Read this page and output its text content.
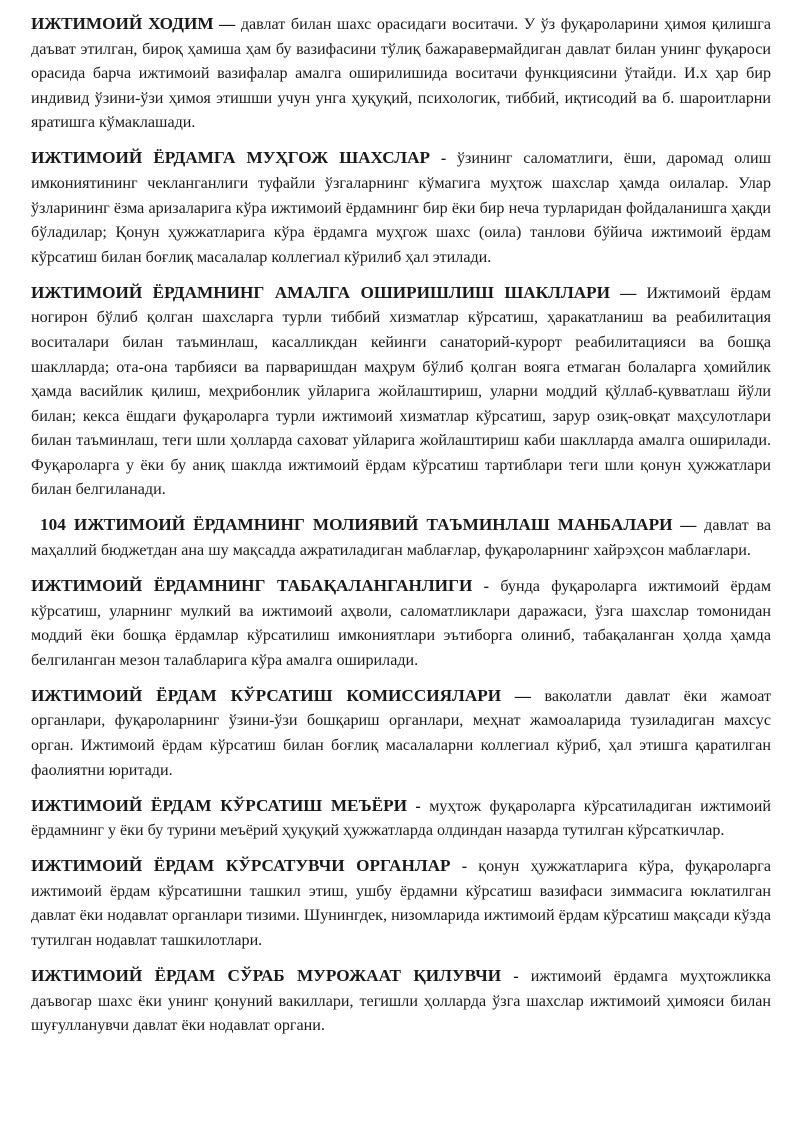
ИЖТИМОИЙ ХОДИМ — давлат билан шахс орасидаги воситачи. У ўз фуқароларини ҳимоя қилишга даъват этилган, бироқ ҳамиша ҳам бу вазифасини тўлиқ бажаравермайдиган давлат билан унинг фуқароси орасида барча ижтимоий вазифалар амалга оширилишида воситачи функциясини ўтайди. И.х ҳар бир индивид ўзини-ўзи ҳимоя этишши учун унга ҳуқуқий, психологик, тиббий, иқтисодий ва б. шароитларни яратишга кўмаклашади.

ИЖТИМОИЙ ЁРДАМГА МУҲГОЖ ШАХСЛАР - ўзининг саломатлиги, ёши, даромад олиш имкониятининг чекланганлиги туфайли ўзгаларнинг кўмагига муҳтож шахслар ҳамда оилалар. Улар ўзларининг ёзма аризаларига кўра ижтимоий ёрдамнинг бир ёки бир неча турларидан фойдаланишга ҳақди бўладилар; Қонун ҳужжатларига кўра ёрдамга муҳгож шахс (оила) танлови бўйича ижтимоий ёрдам кўрсатиш билан боғлиқ масалалар коллегиал кўрилиб ҳал этилади.

ИЖТИМОИЙ ЁРДАМНИНГ АМАЛГА ОШИРИШЛИШ ШАКЛЛАРИ — Ижтимоий ёрдам ногирон бўлиб қолган шахсларга турли тиббий хизматлар кўрсатиш, ҳаракатланиш ва реабилитация воситалари билан таъминлаш, касалликдан кейинги санаторий-курорт реабилитацияси ва бошқа шаклларда; ота-она тарбияси ва парваришдан маҳрум бўлиб қолган вояга етмаган болаларга ҳомийлик ҳамда васийлик қилиш, меҳрибонлик уйларига жойлаштириш, уларни моддий қўллаб-қувватлаш йўли билан; кекса ёшдаги фуқароларга турли ижтимоий хизматлар кўрсатиш, зарур озиқ-овқат маҳсулотлари билан таъминлаш, теги шли ҳолларда саховат уйларига жойлаштириш каби шаклларда амалга оширилади. Фуқароларга у ёки бу аниқ шаклда ижтимоий ёрдам кўрсатиш тартиблари теги шли қонун ҳужжатлари билан белгиланади.

104 ИЖТИМОИЙ ЁРДАМНИНГ МОЛИЯВИЙ ТАЪМИНЛАШ МАНБАЛАРИ — давлат ва маҳаллий бюджетдан ана шу мақсадда ажратиладиган маблағлар, фуқароларнинг хайрэҳсон маблағлари.

ИЖТИМОИЙ ЁРДАМНИНГ ТАБАҚАЛАНГАНЛИГИ - бунда фуқароларга ижтимоий ёрдам кўрсатиш, уларнинг мулкий ва ижтимоий аҳволи, саломатликлари даражаси, ўзга шахслар томонидан моддий ёки бошқа ёрдамлар кўрсатилиш имкониятлари эътиборга олиниб, табақаланган ҳолда ҳамда белгиланган мезон талабларига кўра амалга оширилади.

ИЖТИМОИЙ ЁРДАМ КЎРСАТИШ КОМИССИЯЛАРИ — ваколатли давлат ёки жамоат органлари, фуқароларнинг ўзини-ўзи бошқариш органлари, меҳнат жамоаларида тузиладиган махсус орган. Ижтимоий ёрдам кўрсатиш билан боғлиқ масалаларни коллегиал кўриб, ҳал этишга қаратилган фаолиятни юритади.

ИЖТИМОИЙ ЁРДАМ КЎРСАТИШ МЕЪЁРИ - муҳтож фуқароларга кўрсатиладиган ижтимоий ёрдамнинг у ёки бу турини меъёрий ҳуқуқий ҳужжатларда олдиндан назарда тутилган кўрсаткичлар.

ИЖТИМОИЙ ЁРДАМ КЎРСАТУВЧИ ОРГАНЛАР - қонун ҳужжатларига кўра, фуқароларга ижтимоий ёрдам кўрсатишни ташкил этиш, ушбу ёрдамни кўрсатиш вазифаси зиммасига юклатилган давлат ёки нодавлат органлари тизими. Шунингдек, низомларида ижтимоий ёрдам кўрсатиш мақсади кўзда тутилган нодавлат ташкилотлари.

ИЖТИМОИЙ ЁРДАМ СЎРАБ МУРОЖААТ ҚИЛУВЧИ - ижтимоий ёрдамга муҳтожликка даъвогар шахс ёки унинг қонуний вакиллари, тегишли ҳолларда ўзга шахслар ижтимоий ҳимояси билан шуғулланувчи давлат ёки нодавлат органи.
